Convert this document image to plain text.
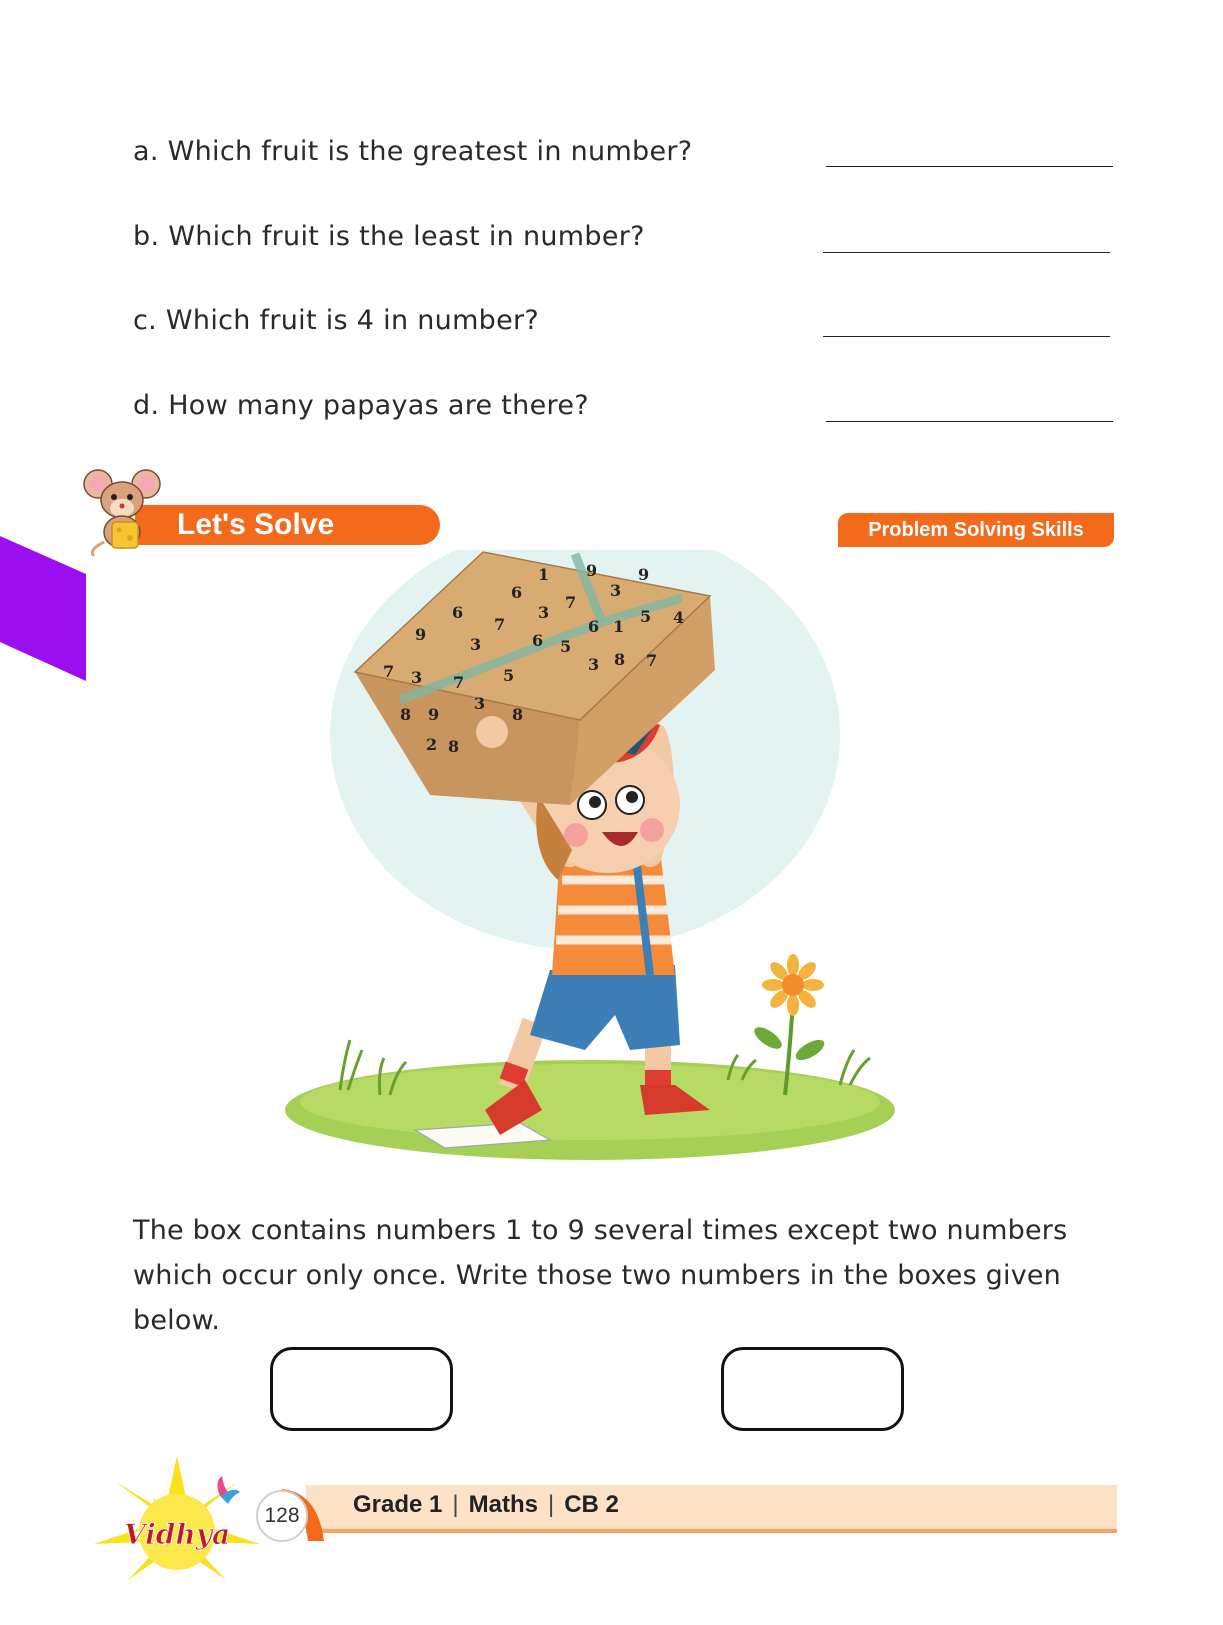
a. Which fruit is the greatest in number?
b. Which fruit is the least in number?
c. Which fruit is 4 in number?
d. How many papayas are there?
Let's Solve	Problem Solving Skills
1 9	9
6	3
7
3
6
7
9
3
5 4
6 1
6 5
3 8 7
7 3 7 5
8 9
3
8
2 8
The box contains numbers 1 to 9 several times except two numbers which occur only once. Write those two numbers in the boxes given below.
128	Grade 1 | Maths | CB 2
Vidhya
